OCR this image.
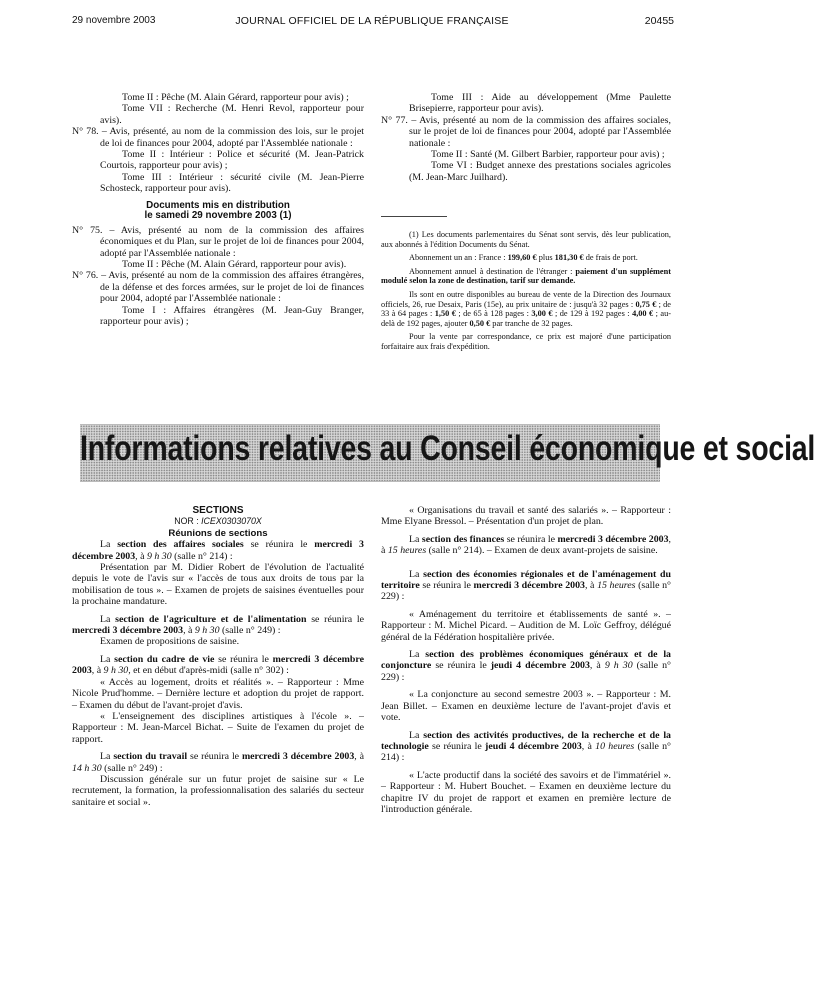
29 novembre 2003	JOURNAL OFFICIEL DE LA RÉPUBLIQUE FRANÇAISE	20455

Tome II : Pêche (M. Alain Gérard, rapporteur pour avis) ;

Tome VII : Recherche (M. Henri Revol, rapporteur pour avis).

N° 78. – Avis, présenté, au nom de la commission des lois, sur le projet de loi de finances pour 2004, adopté par l'Assemblée nationale :

Tome II : Intérieur : Police et sécurité (M. Jean-Patrick Courtois, rapporteur pour avis) ;

Tome III : Intérieur : sécurité civile (M. Jean-Pierre Schosteck, rapporteur pour avis).

Documents mis en distribution
le samedi 29 novembre 2003 (1)

N° 75. – Avis, présenté au nom de la commission des affaires économiques et du Plan, sur le projet de loi de finances pour 2004, adopté par l'Assemblée nationale :

Tome II : Pêche (M. Alain Gérard, rapporteur pour avis).

N° 76. – Avis, présenté au nom de la commission des affaires étrangères, de la défense et des forces armées, sur le projet de loi de finances pour 2004, adopté par l'Assemblée nationale :

Tome I : Affaires étrangères (M. Jean-Guy Branger, rapporteur pour avis) ;

Tome III : Aide au développement (Mme Paulette Brisepierre, rapporteur pour avis).

N° 77. – Avis, présenté au nom de la commission des affaires sociales, sur le projet de loi de finances pour 2004, adopté par l'Assemblée nationale :

Tome II : Santé (M. Gilbert Barbier, rapporteur pour avis) ;

Tome VI : Budget annexe des prestations sociales agricoles (M. Jean-Marc Juilhard).

(1) Les documents parlementaires du Sénat sont servis, dès leur publication, aux abonnés à l'édition Documents du Sénat.

Abonnement un an : France : 199,60 € plus 181,30 € de frais de port.

Abonnement annuel à destination de l'étranger : paiement d'un supplément modulé selon la zone de destination, tarif sur demande.

Ils sont en outre disponibles au bureau de vente de la Direction des Journaux officiels, 26, rue Desaix, Paris (15e), au prix unitaire de : jusqu'à 32 pages : 0,75 € ; de 33 à 64 pages : 1,50 € ; de 65 à 128 pages : 3,00 € ; de 129 à 192 pages : 4,00 € ; au-delà de 192 pages, ajouter 0,50 € par tranche de 32 pages.

Pour la vente par correspondance, ce prix est majoré d'une participation forfaitaire aux frais d'expédition.

Informations relatives au Conseil économique et social

SECTIONS

NOR : ICEX0303070X

Réunions de sections

La section des affaires sociales se réunira le mercredi 3 décembre 2003, à 9 h 30 (salle n° 214) :

Présentation par M. Didier Robert de l'évolution de l'actualité depuis le vote de l'avis sur « l'accès de tous aux droits de tous par la mobilisation de tous ». – Examen de projets de saisines éventuelles pour la prochaine mandature.

La section de l'agriculture et de l'alimentation se réunira le mercredi 3 décembre 2003, à 9 h 30 (salle n° 249) :

Examen de propositions de saisine.

La section du cadre de vie se réunira le mercredi 3 décembre 2003, à 9 h 30, et en début d'après-midi (salle n° 302) :

« Accès au logement, droits et réalités ». – Rapporteur : Mme Nicole Prud'homme. – Dernière lecture et adoption du projet de rapport. – Examen du début de l'avant-projet d'avis.

« L'enseignement des disciplines artistiques à l'école ». – Rapporteur : M. Jean-Marcel Bichat. – Suite de l'examen du projet de rapport.

La section du travail se réunira le mercredi 3 décembre 2003, à 14 h 30 (salle n° 249) :

Discussion générale sur un futur projet de saisine sur « Le recrutement, la formation, la professionnalisation des salariés du secteur sanitaire et social ».

« Organisations du travail et santé des salariés ». – Rapporteur : Mme Elyane Bressol. – Présentation d'un projet de plan.

La section des finances se réunira le mercredi 3 décembre 2003, à 15 heures (salle n° 214). – Examen de deux avant-projets de saisine.

La section des économies régionales et de l'aménagement du territoire se réunira le mercredi 3 décembre 2003, à 15 heures (salle n° 229) :

« Aménagement du territoire et établissements de santé ». – Rapporteur : M. Michel Picard. – Audition de M. Loïc Geffroy, délégué général de la Fédération hospitalière privée.

La section des problèmes économiques généraux et de la conjoncture se réunira le jeudi 4 décembre 2003, à 9 h 30 (salle n° 229) :

« La conjoncture au second semestre 2003 ». – Rapporteur : M. Jean Billet. – Examen en deuxième lecture de l'avant-projet d'avis et vote.

La section des activités productives, de la recherche et de la technologie se réunira le jeudi 4 décembre 2003, à 10 heures (salle n° 214) :

« L'acte productif dans la société des savoirs et de l'immatériel ». – Rapporteur : M. Hubert Bouchet. – Examen en deuxième lecture du chapitre IV du projet de rapport et examen en première lecture de l'introduction générale.
